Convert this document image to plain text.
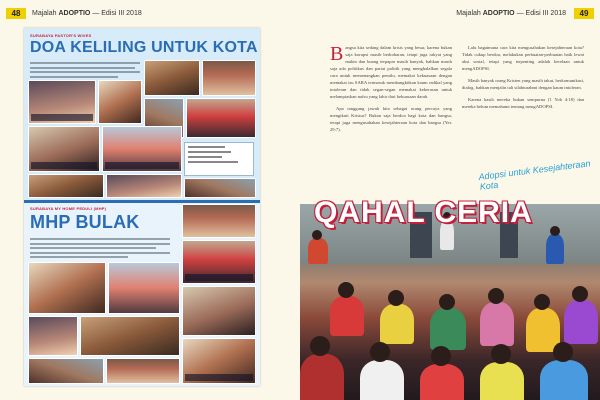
48	Majalah ADOPTIO — Edisi III 2018
SURABAYA PASTOR'S WIVES
DOA KELILING UNTUK KOTA
SURABAYA MY HOME PEDULI (MHP)
MHP BULAK
Majalah ADOPTIO — Edisi III 2018	49

Bangsa kita sedang dalam krisis yang besar, karena bukan saja korupsi masih berkobaran, tetapi juga rakyat yang makin dan kuang terpapar masih banyak, bahkan masih saja ada politikus dan partai politik yang menghalalkan segala cara untuk memenangkan pemilu, memakai kekuasaan dengan memakai isu SARA termasuk membangkitkan kaum radikal yang intoleran dan tidak segan-segan memakai kekerasan untuk melampiaskan nafsu yang lahir dari kekuasaan darah.

Apa tanggung jawab kita sebagai orang percaya yang mengikuti Kristus? Bukan saja berdoa bagi kota dan bangsa, tetapi juga mengusahakan kesejahteraan kota dan bangsa (Yer. 29:7).

Lalu bagaimana cara kita mengusahakan kesejahteraan kota? Tidak cukup berdoa, melakukan perbuatan-perbuatan baik lewat aksi sosial, tetapi yang terpenting adalah kerelaan untuk mengADOPSI.

Masih banyak orang Kristen yang masih takut, berkomunikasi, dialog, bahkan menjalin tali silahturahmi dengan kaum intoleran.

Karena kasih mereka bukan sempurna (1 Yoh 4:18) dan mereka belum memahami tentang mengADOPSI.

QAHAL CERIA
Adopsi untuk Kesejahteraan Kota
